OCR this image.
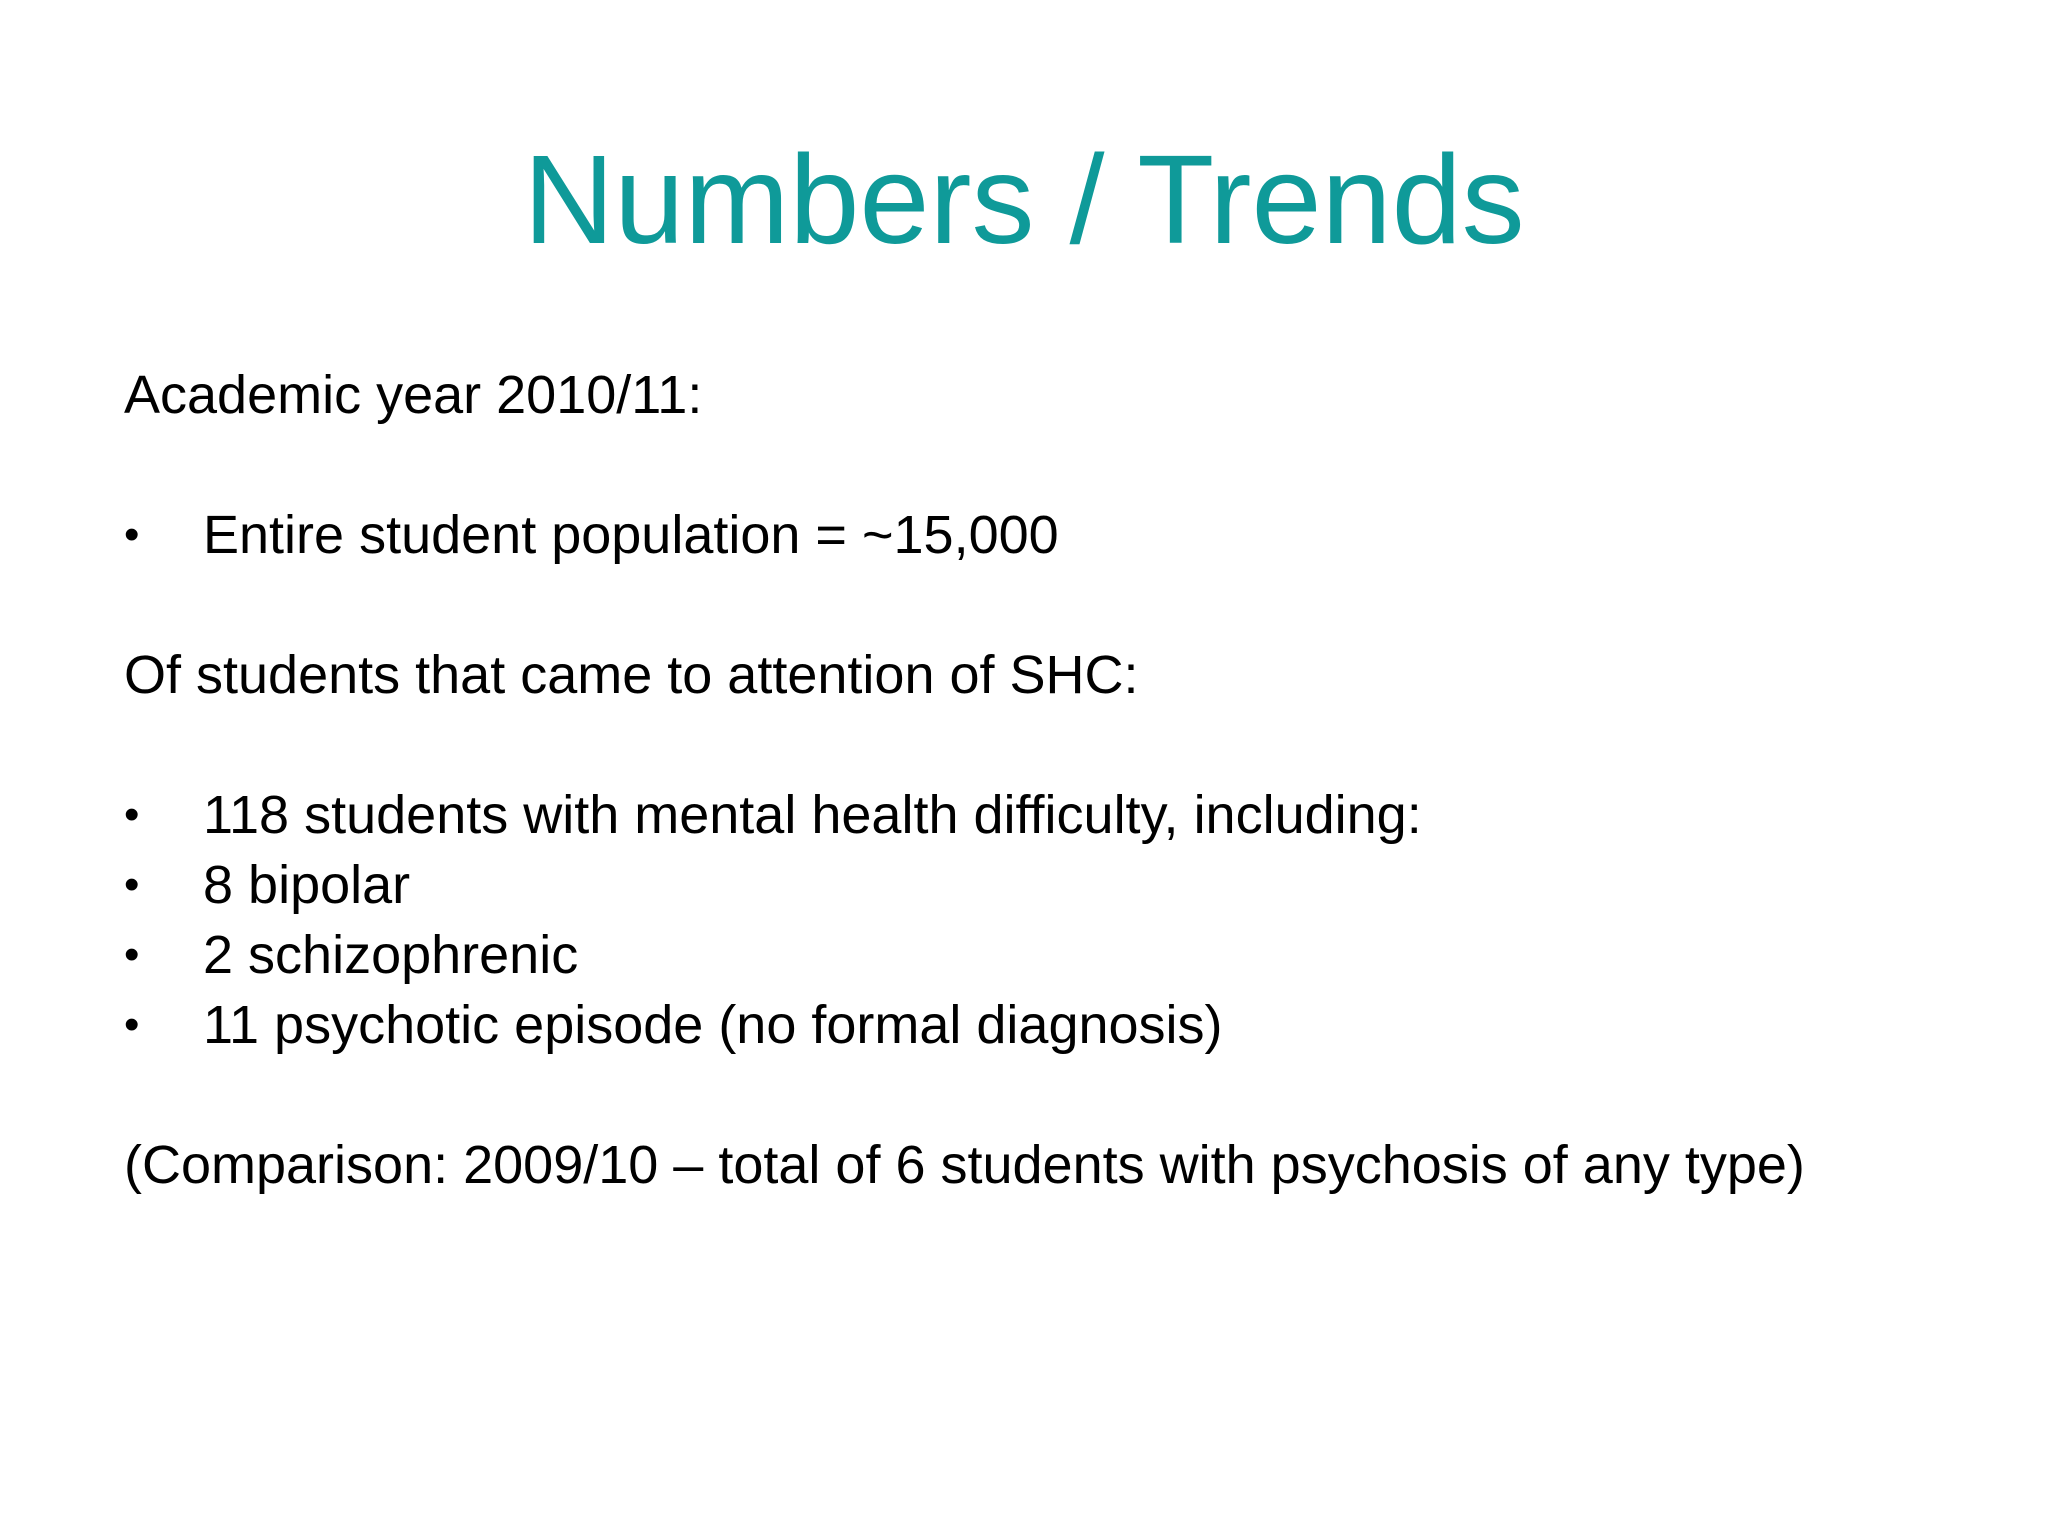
Numbers / Trends
Academic year 2010/11:
•	Entire student population = ~15,000
Of students that came to attention of SHC:
•	118 students with mental health difficulty, including:
•	8 bipolar
•	2 schizophrenic
•	11 psychotic episode (no formal diagnosis)
(Comparison: 2009/10 – total of 6 students with psychosis of any type)
